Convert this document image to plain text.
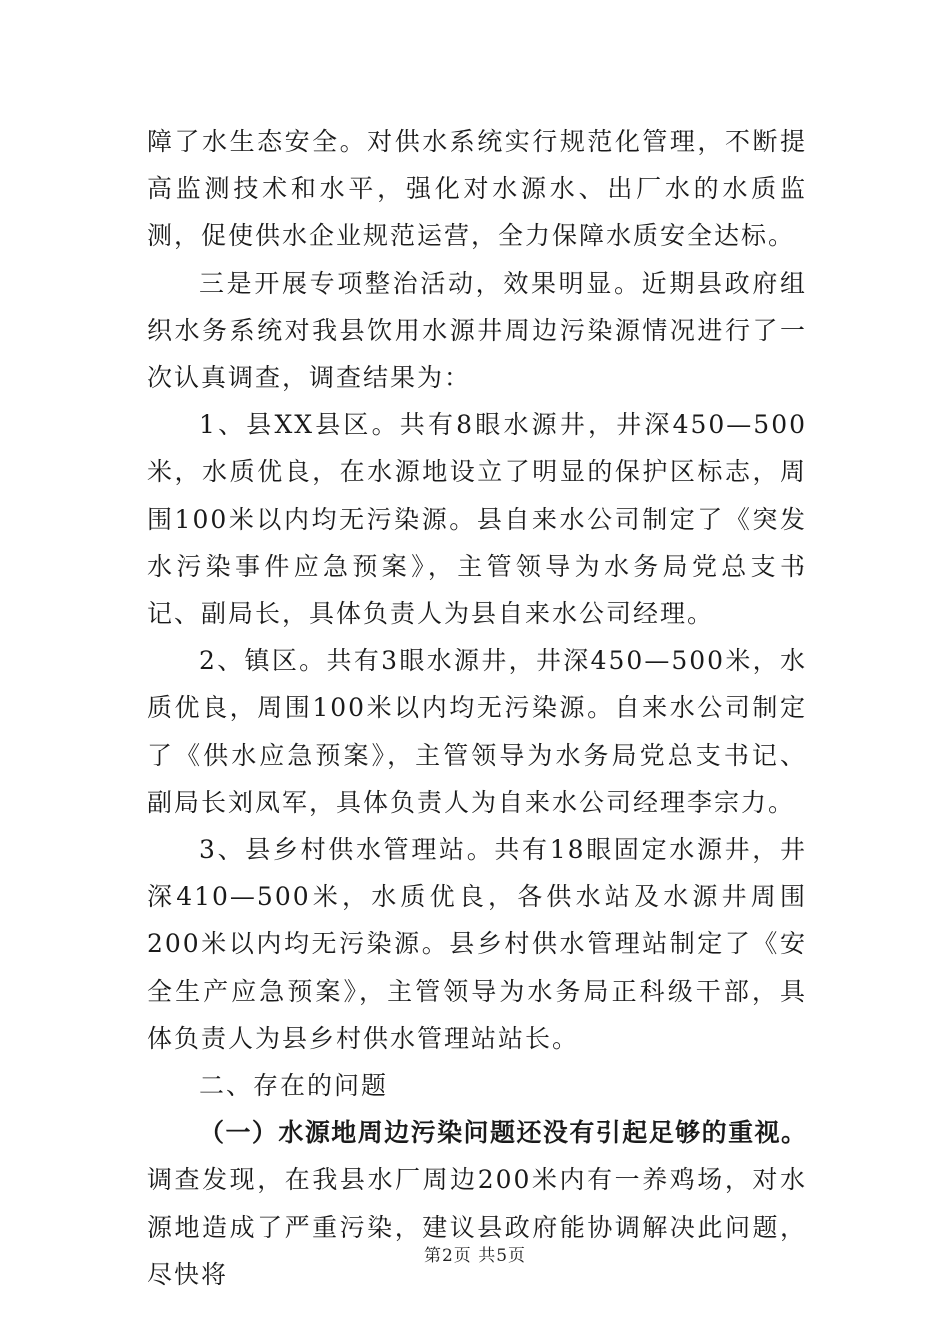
障了水生态安全。对供水系统实行规范化管理，不断提高监测技术和水平，强化对水源水、出厂水的水质监测，促使供水企业规范运营，全力保障水质安全达标。

三是开展专项整治活动，效果明显。近期县政府组织水务系统对我县饮用水源井周边污染源情况进行了一次认真调查，调查结果为：

1、县XX县区。共有8眼水源井，井深450—500米，水质优良，在水源地设立了明显的保护区标志，周围100米以内均无污染源。县自来水公司制定了《突发水污染事件应急预案》，主管领导为水务局党总支书记、副局长，具体负责人为县自来水公司经理。

2、镇区。共有3眼水源井，井深450—500米，水质优良，周围100米以内均无污染源。自来水公司制定了《供水应急预案》，主管领导为水务局党总支书记、副局长刘凤军，具体负责人为自来水公司经理李宗力。

3、县乡村供水管理站。共有18眼固定水源井，井深410—500米，水质优良，各供水站及水源井周围200米以内均无污染源。县乡村供水管理站制定了《安全生产应急预案》，主管领导为水务局正科级干部，具体负责人为县乡村供水管理站站长。

二、存在的问题

（一）水源地周边污染问题还没有引起足够的重视。调查发现，在我县水厂周边200米内有一养鸡场，对水源地造成了严重污染，建议县政府能协调解决此问题，尽快将

第2页 共5页
